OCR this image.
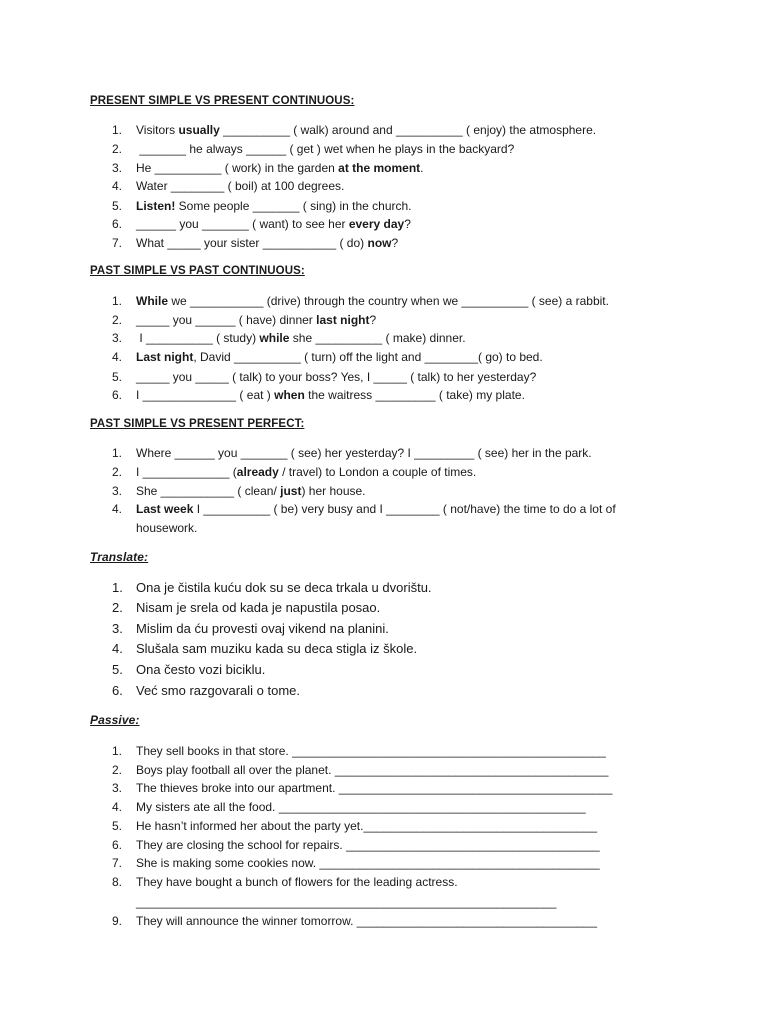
PRESENT SIMPLE VS PRESENT CONTINUOUS:
1. Visitors usually __________ ( walk) around and __________ ( enjoy) the atmosphere.
2. _______ he always ______ ( get ) wet when he plays in the backyard?
3. He __________ ( work) in the garden at the moment.
4. Water ________ ( boil) at 100 degrees.
5. Listen! Some people _______ ( sing) in the church.
6. ______ you _______ ( want) to see her every day?
7. What _____ your sister ___________ ( do) now?
PAST SIMPLE VS PAST CONTINUOUS:
1. While we ___________ (drive) through the country when we __________ ( see) a rabbit.
2. _____ you ______ ( have) dinner last night?
3. I __________ ( study) while she __________ ( make) dinner.
4. Last night, David __________ ( turn) off the light and ________( go) to bed.
5. _____ you _____ ( talk) to your boss? Yes, I _____ ( talk) to her yesterday?
6. I ______________ ( eat ) when the waitress _________ ( take) my plate.
PAST SIMPLE VS PRESENT PERFECT:
1. Where ______ you _______ ( see) her yesterday? I _________ ( see) her in the park.
2. I _____________ (already / travel) to London a couple of times.
3. She ___________ ( clean/ just) her house.
4. Last week I __________ ( be) very busy and I ________ ( not/have) the time to do a lot of
housework.
Translate:
1. Ona je čistila kuću dok su se deca trkala u dvorištu.
2. Nisam je srela od kada je napustila posao.
3. Mislim da ću provesti ovaj vikend na planini.
4. Slušala sam muziku kada su deca stigla iz škole.
5. Ona često vozi biciklu.
6. Već smo razgovarali o tome.
Passive:
1. They sell books in that store. _______________________________________________
2. Boys play football all over the planet. _________________________________________
3. The thieves broke into our apartment. _________________________________________
4. My sisters ate all the food. ______________________________________________
5. He hasn’t informed her about the party yet.___________________________________
6. They are closing the school for repairs. ______________________________________
7. She is making some cookies now. __________________________________________
8. They have bought a bunch of flowers for the leading actress.
_______________________________________________________________
9. They will announce the winner tomorrow. ____________________________________
